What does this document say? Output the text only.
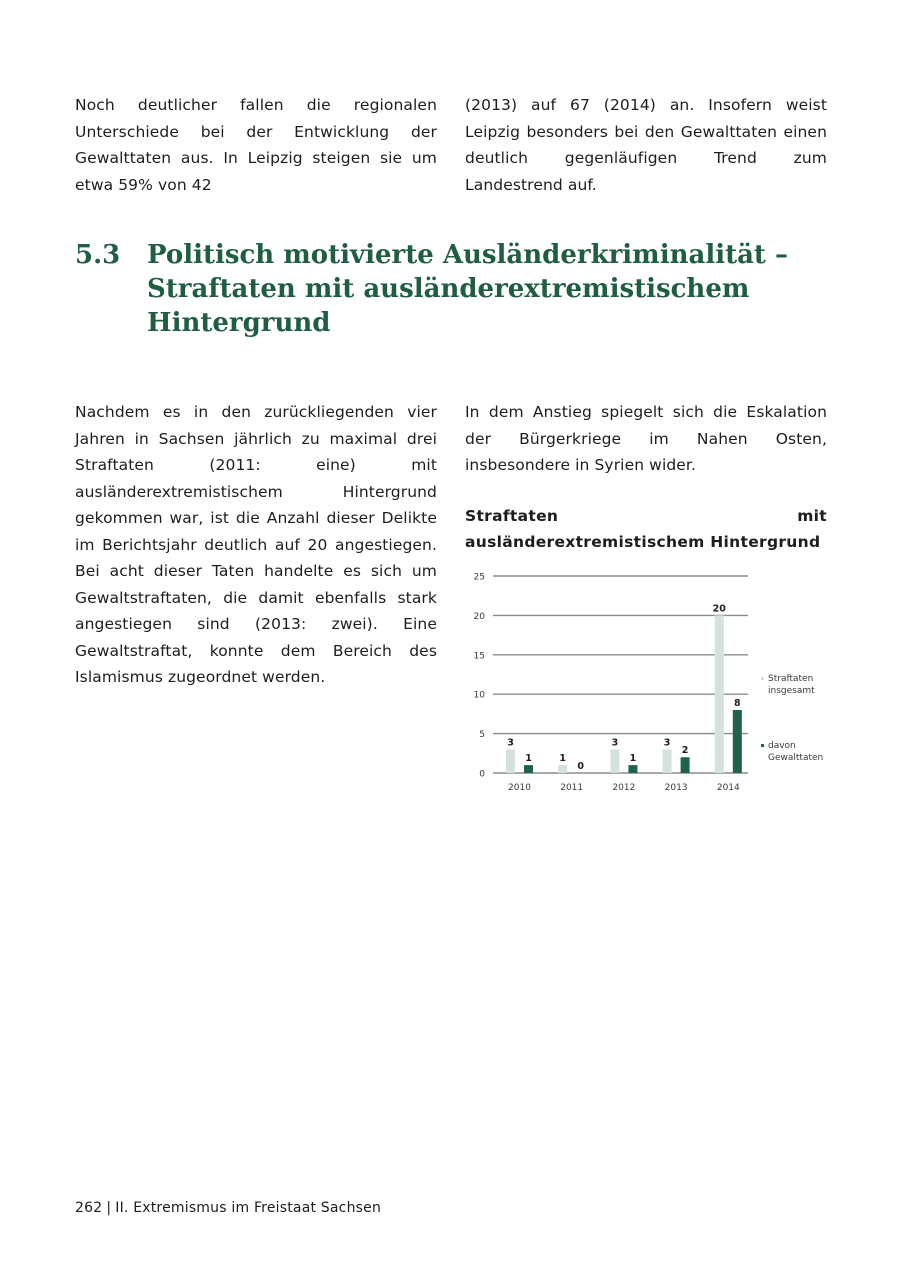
Noch deutlicher fallen die regionalen Unterschiede bei der Entwicklung der Gewalttaten aus. In Leipzig steigen sie um etwa 59% von 42

(2013) auf 67 (2014) an. Insofern weist Leipzig besonders bei den Gewalttaten einen deutlich gegenläufigen Trend zum Landestrend auf.

5.3	Politisch motivierte Ausländerkriminalität – Straftaten mit ausländerextremistischem Hintergrund

Nachdem es in den zurückliegenden vier Jahren in Sachsen jährlich zu maximal drei Straftaten (2011: eine) mit ausländerextremistischem Hintergrund gekommen war, ist die Anzahl dieser Delikte im Berichtsjahr deutlich auf 20 angestiegen. Bei acht dieser Taten handelte es sich um Gewaltstraftaten, die damit ebenfalls stark angestiegen sind (2013: zwei). Eine Gewaltstraftat, konnte dem Bereich des Islamismus zugeordnet werden.

In dem Anstieg spiegelt sich die Eskalation der Bürgerkriege im Nahen Osten, insbesondere in Syrien wider.

Straftaten mit ausländerextremistischem Hintergrund
0
5
10
15
20
25
3
1
2010
1
0
2011
3
1
2012
3
2
2013
20
8
2014
Straftaten insgesamt
davon Gewalttaten
262 | II. Extremismus im Freistaat Sachsen
